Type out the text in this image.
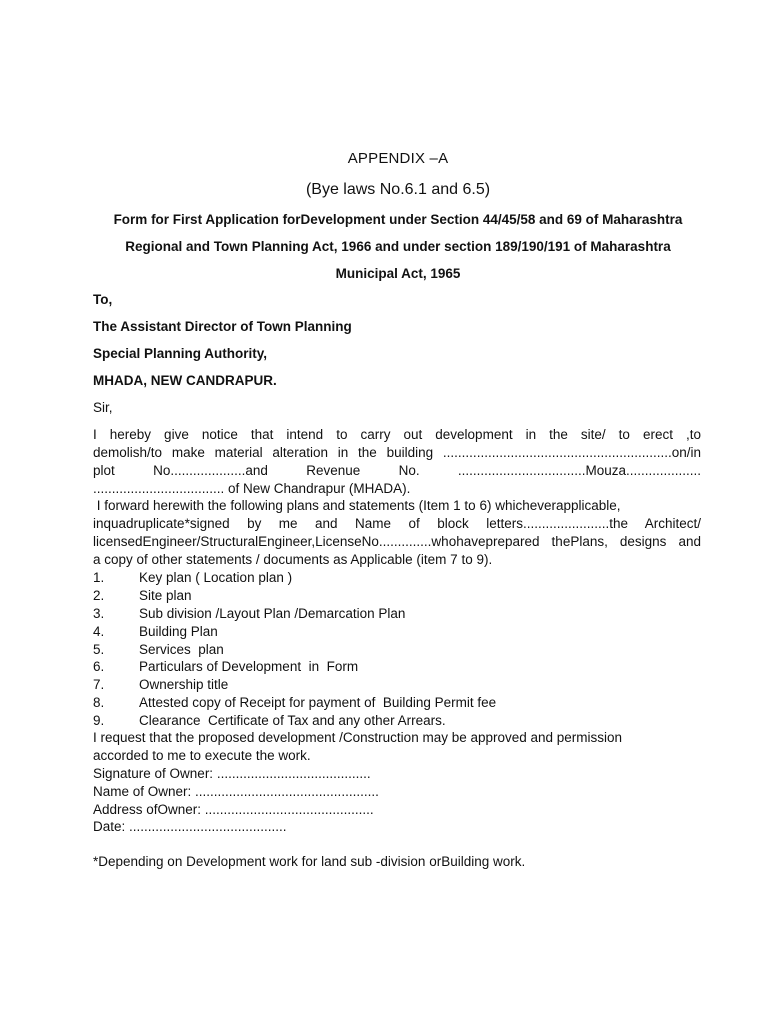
APPENDIX –A
(Bye laws No.6.1 and 6.5)
Form for First Application forDevelopment under Section 44/45/58 and 69 of Maharashtra
Regional and Town Planning Act, 1966 and under section 189/190/191 of Maharashtra
Municipal Act, 1965
To,
The Assistant Director of Town Planning
Special Planning Authority,
MHADA, NEW CANDRAPUR.
Sir,
I hereby give notice that intend to carry out development in the site/ to erect ,to
demolish/to make material alteration in the building .............................................................on/in
plot No....................and Revenue No. ..................................Mouza....................
................................... of New Chandrapur (MHADA).
I forward herewith the following plans and statements (Item 1 to 6) whicheverapplicable,
inquadruplicate*signed by me and Name of block letters.......................the Architect/
licensedEngineer/StructuralEngineer,LicenseNo..............whohaveprepared thePlans, designs and
a copy of other statements / documents as Applicable (item 7 to 9).
1.	Key plan ( Location plan )
2.	Site plan
3.	Sub division /Layout Plan /Demarcation Plan
4.	Building Plan
5.	Services  plan
6.	Particulars of Development  in  Form
7.	Ownership title
8.	Attested copy of Receipt for payment of  Building Permit fee
9.	Clearance  Certificate of Tax and any other Arrears.
I request that the proposed development /Construction may be approved and permission
accorded to me to execute the work.
Signature of Owner: .........................................
Name of Owner: .................................................
Address ofOwner: .............................................
Date: ..........................................
*Depending on Development work for land sub -division orBuilding work.
